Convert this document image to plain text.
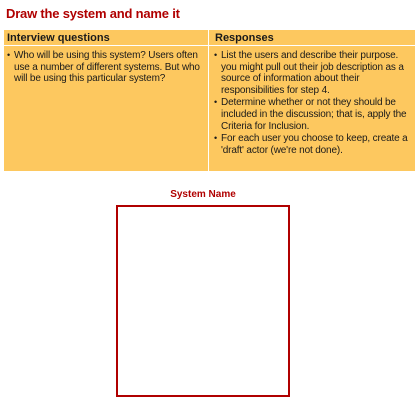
Draw the system and name it
Interview questions	Responses
• Who will be using this system? Users often use a number of different systems. But who will be using this particular system?
• List the users and describe their purpose. you might pull out their job description as a source of information about their responsibilities for step 4.
• Determine whether or not they should be included in the discussion; that is, apply the Criteria for Inclusion.
• For each user you choose to keep, create a 'draft' actor (we're not done).
System Name
